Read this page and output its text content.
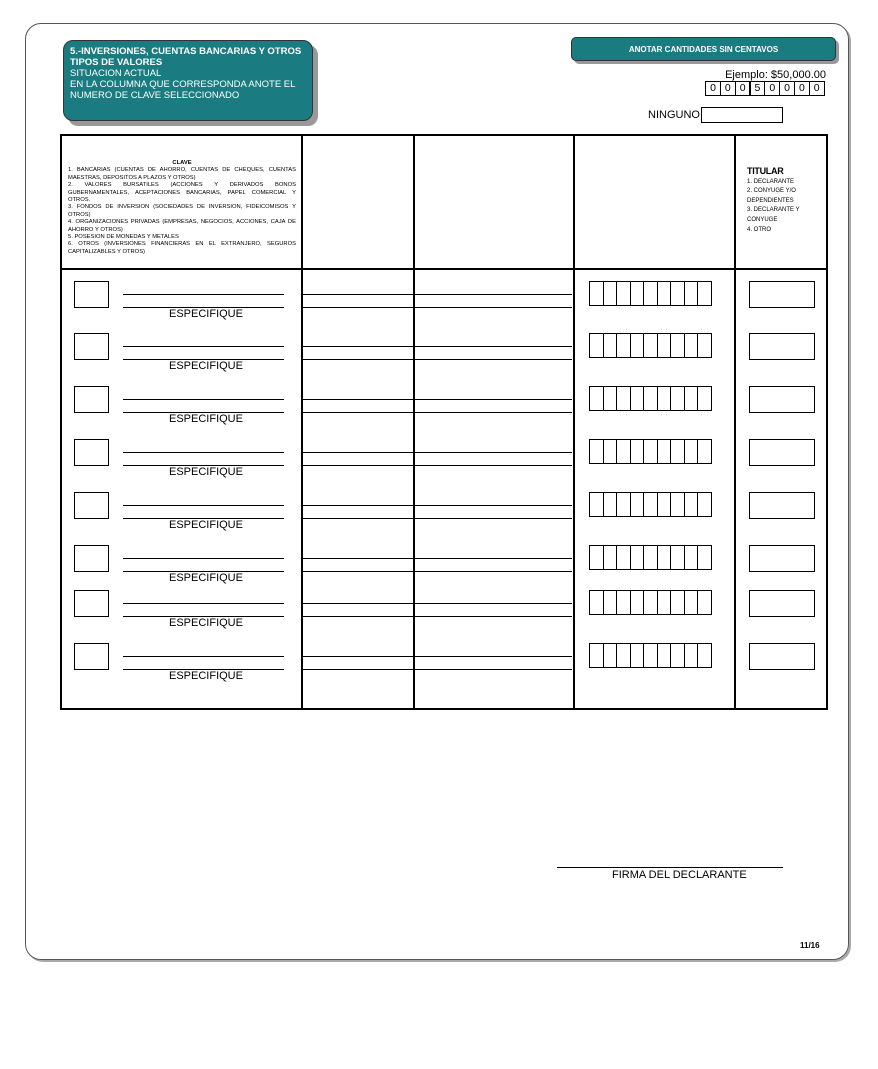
5.-INVERSIONES, CUENTAS BANCARIAS Y OTROS TIPOS DE VALORES
SITUACION ACTUAL
EN LA COLUMNA QUE CORRESPONDA ANOTE EL NUMERO DE CLAVE SELECCIONADO
ANOTAR CANTIDADES SIN CENTAVOS
Ejemplo: $50,000.00
0 0 0 5 0 0 0 0
NINGUNO
CLAVE
1. BANCARIAS (CUENTAS DE AHORRO, CUENTAS DE CHEQUES, CUENTAS MAESTRAS, DEPOSITOS A PLAZOS Y OTROS)
2. VALORES BURSATILES (ACCIONES Y DERIVADOS BONOS GUBERNAMENTALES, ACEPTACIONES BANCARIAS, PAPEL COMERCIAL Y OTROS.
3. FONDOS DE INVERSION (SOCIEDADES DE INVERSION, FIDEICOMISOS Y OTROS)
4. ORGANIZACIONES PRIVADAS (EMPRESAS, NEGOCIOS, ACCIONES, CAJA DE AHORRO Y OTROS)
5. POSESION DE MONEDAS Y METALES
6. OTROS (INVERSIONES FINANCIERAS EN EL EXTRANJERO, SEGUROS CAPITALIZABLES Y OTROS)
TITULAR
1. DECLARANTE
2. CONYUGE Y/O DEPENDIENTES
3. DECLARANTE Y CONYUGE
4. OTRO
ESPECIFIQUE
ESPECIFIQUE
ESPECIFIQUE
ESPECIFIQUE
ESPECIFIQUE
ESPECIFIQUE
ESPECIFIQUE
ESPECIFIQUE
FIRMA DEL DECLARANTE
11/16
